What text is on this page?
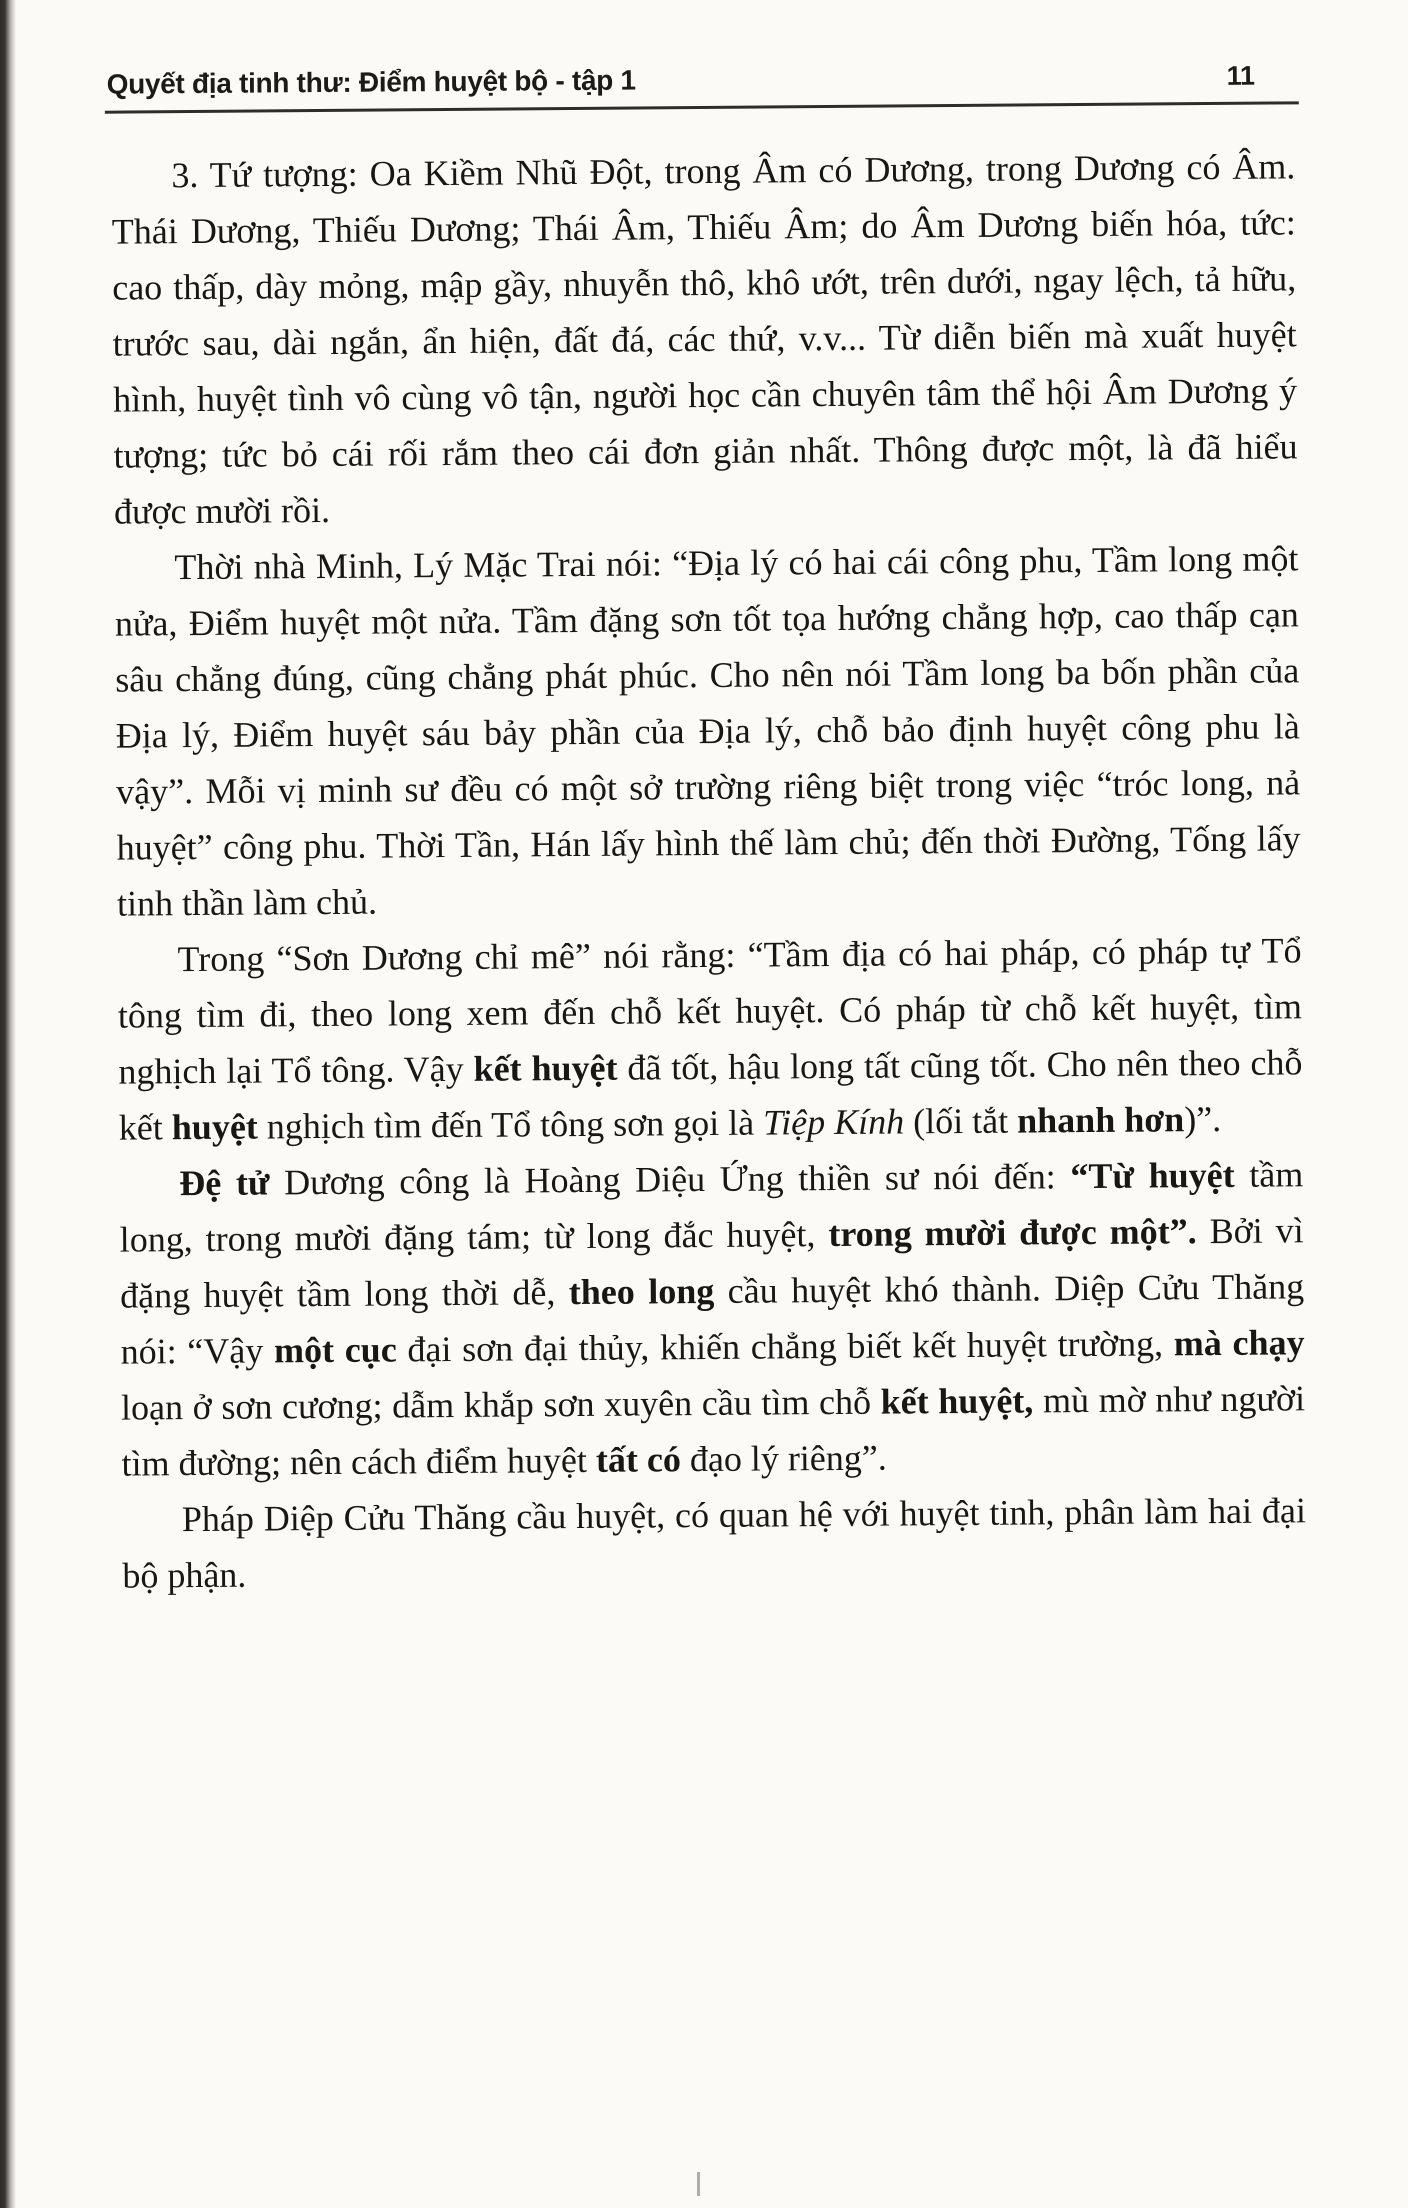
Quyết địa tinh thư: Điểm huyệt bộ - tập 1	11

3. Tứ tượng: Oa Kiềm Nhũ Đột, trong Âm có Dương, trong Dương có Âm. Thái Dương, Thiếu Dương; Thái Âm, Thiếu Âm; do Âm Dương biến hóa, tức: cao thấp, dày mỏng, mập gầy, nhuyễn thô, khô ướt, trên dưới, ngay lệch, tả hữu, trước sau, dài ngắn, ẩn hiện, đất đá, các thứ, v.v... Từ diễn biến mà xuất huyệt hình, huyệt tình vô cùng vô tận, người học cần chuyên tâm thể hội Âm Dương ý tượng; tức bỏ cái rối rắm theo cái đơn giản nhất. Thông được một, là đã hiểu được mười rồi.

Thời nhà Minh, Lý Mặc Trai nói: “Địa lý có hai cái công phu, Tầm long một nửa, Điểm huyệt một nửa. Tầm đặng sơn tốt tọa hướng chẳng hợp, cao thấp cạn sâu chẳng đúng, cũng chẳng phát phúc. Cho nên nói Tầm long ba bốn phần của Địa lý, Điểm huyệt sáu bảy phần của Địa lý, chỗ bảo định huyệt công phu là vậy”. Mỗi vị minh sư đều có một sở trường riêng biệt trong việc “tróc long, nả huyệt” công phu. Thời Tần, Hán lấy hình thế làm chủ; đến thời Đường, Tống lấy tinh thần làm chủ.

Trong “Sơn Dương chỉ mê” nói rằng: “Tầm địa có hai pháp, có pháp tự Tổ tông tìm đi, theo long xem đến chỗ kết huyệt. Có pháp từ chỗ kết huyệt, tìm nghịch lại Tổ tông. Vậy kết huyệt đã tốt, hậu long tất cũng tốt. Cho nên theo chỗ kết huyệt nghịch tìm đến Tổ tông sơn gọi là Tiệp Kính (lối tắt nhanh hơn)”.

Đệ tử Dương công là Hoàng Diệu Ứng thiền sư nói đến: “Từ huyệt tầm long, trong mười đặng tám; từ long đắc huyệt, trong mười được một”. Bởi vì đặng huyệt tầm long thời dễ, theo long cầu huyệt khó thành. Diệp Cửu Thăng nói: “Vậy một cục đại sơn đại thủy, khiến chẳng biết kết huyệt trường, mà chạy loạn ở sơn cương; dẫm khắp sơn xuyên cầu tìm chỗ kết huyệt, mù mờ như người tìm đường; nên cách điểm huyệt tất có đạo lý riêng”.

Pháp Diệp Cửu Thăng cầu huyệt, có quan hệ với huyệt tinh, phân làm hai đại bộ phận.
